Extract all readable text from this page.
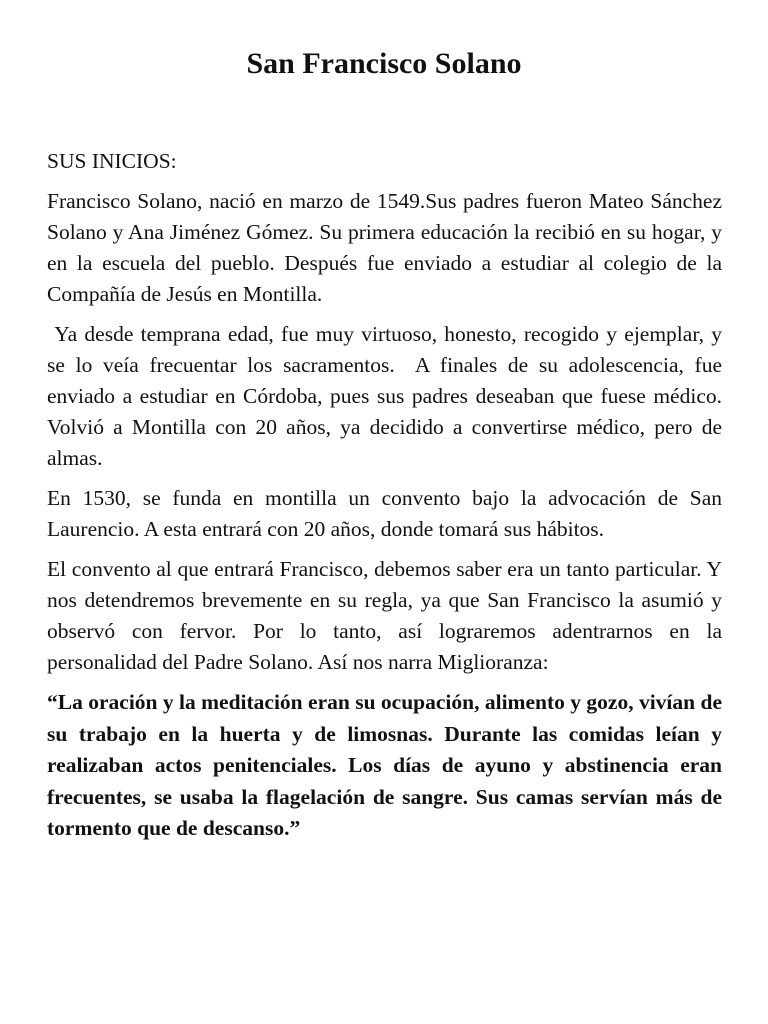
San Francisco Solano

SUS INICIOS:

Francisco Solano, nació en marzo de 1549.Sus padres fueron Mateo Sánchez Solano y Ana Jiménez Gómez. Su primera educación la recibió en su hogar, y en la escuela del pueblo. Después fue enviado a estudiar al colegio de la Compañía de Jesús en Montilla.

Ya desde temprana edad, fue muy virtuoso, honesto, recogido y ejemplar, y se lo veía frecuentar los sacramentos.  A finales de su adolescencia, fue enviado a estudiar en Córdoba, pues sus padres deseaban que fuese médico. Volvió a Montilla con 20 años, ya decidido a convertirse médico, pero de almas.

En 1530, se funda en montilla un convento bajo la advocación de San Laurencio. A esta entrará con 20 años, donde tomará sus hábitos.

El convento al que entrará Francisco, debemos saber era un tanto particular. Y nos detendremos brevemente en su regla, ya que San Francisco la asumió y observó con fervor. Por lo tanto, así lograremos adentrarnos en la personalidad del Padre Solano. Así nos narra Miglioranza:

“La oración y la meditación eran su ocupación, alimento y gozo, vivían de su trabajo en la huerta y de limosnas. Durante las comidas leían y realizaban actos penitenciales. Los días de ayuno y abstinencia eran frecuentes, se usaba la flagelación de sangre. Sus camas servían más de tormento que de descanso.”
